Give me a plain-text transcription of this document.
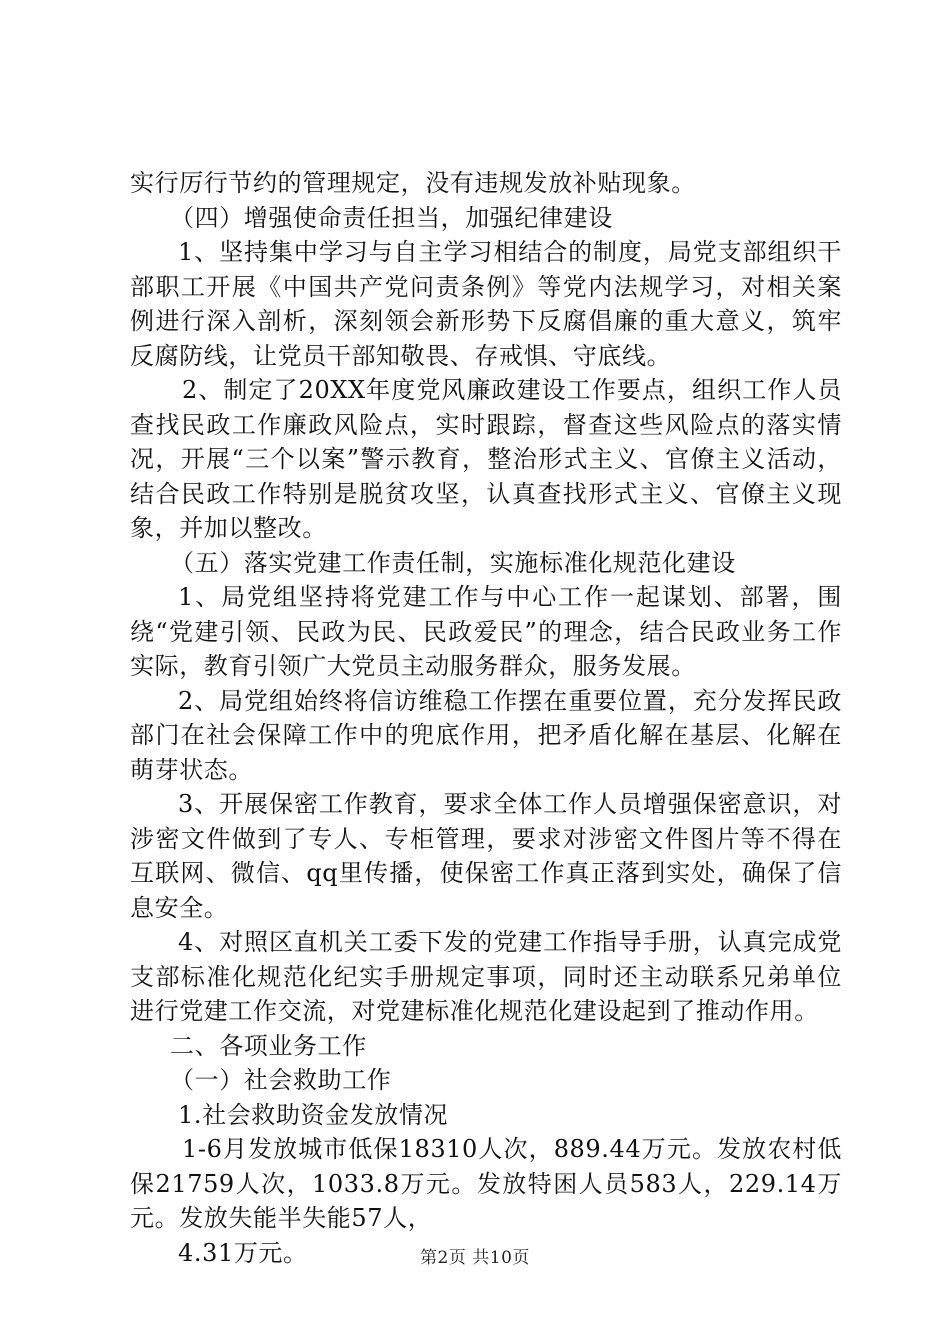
实行厉行节约的管理规定，没有违规发放补贴现象。

（四）增强使命责任担当，加强纪律建设

1、坚持集中学习与自主学习相结合的制度，局党支部组织干部职工开展《中国共产党问责条例》等党内法规学习，对相关案例进行深入剖析，深刻领会新形势下反腐倡廉的重大意义，筑牢反腐防线，让党员干部知敬畏、存戒惧、守底线。

2、制定了20XX年度党风廉政建设工作要点，组织工作人员查找民政工作廉政风险点，实时跟踪，督查这些风险点的落实情况，开展“三个以案”警示教育，整治形式主义、官僚主义活动，结合民政工作特别是脱贫攻坚，认真查找形式主义、官僚主义现象，并加以整改。

（五）落实党建工作责任制，实施标准化规范化建设

1、局党组坚持将党建工作与中心工作一起谋划、部署，围绕“党建引领、民政为民、民政爱民”的理念，结合民政业务工作实际，教育引领广大党员主动服务群众，服务发展。

2、局党组始终将信访维稳工作摆在重要位置，充分发挥民政部门在社会保障工作中的兜底作用，把矛盾化解在基层、化解在萌芽状态。

3、开展保密工作教育，要求全体工作人员增强保密意识，对涉密文件做到了专人、专柜管理，要求对涉密文件图片等不得在互联网、微信、qq里传播，使保密工作真正落到实处，确保了信息安全。

4、对照区直机关工委下发的党建工作指导手册，认真完成党支部标准化规范化纪实手册规定事项，同时还主动联系兄弟单位进行党建工作交流，对党建标准化规范化建设起到了推动作用。

二、各项业务工作

（一）社会救助工作

1.社会救助资金发放情况

1-6月发放城市低保18310人次，889.44万元。发放农村低保21759人次，1033.8万元。发放特困人员583人，229.14万元。发放失能半失能57人，

4.31万元。	第2页 共10页
